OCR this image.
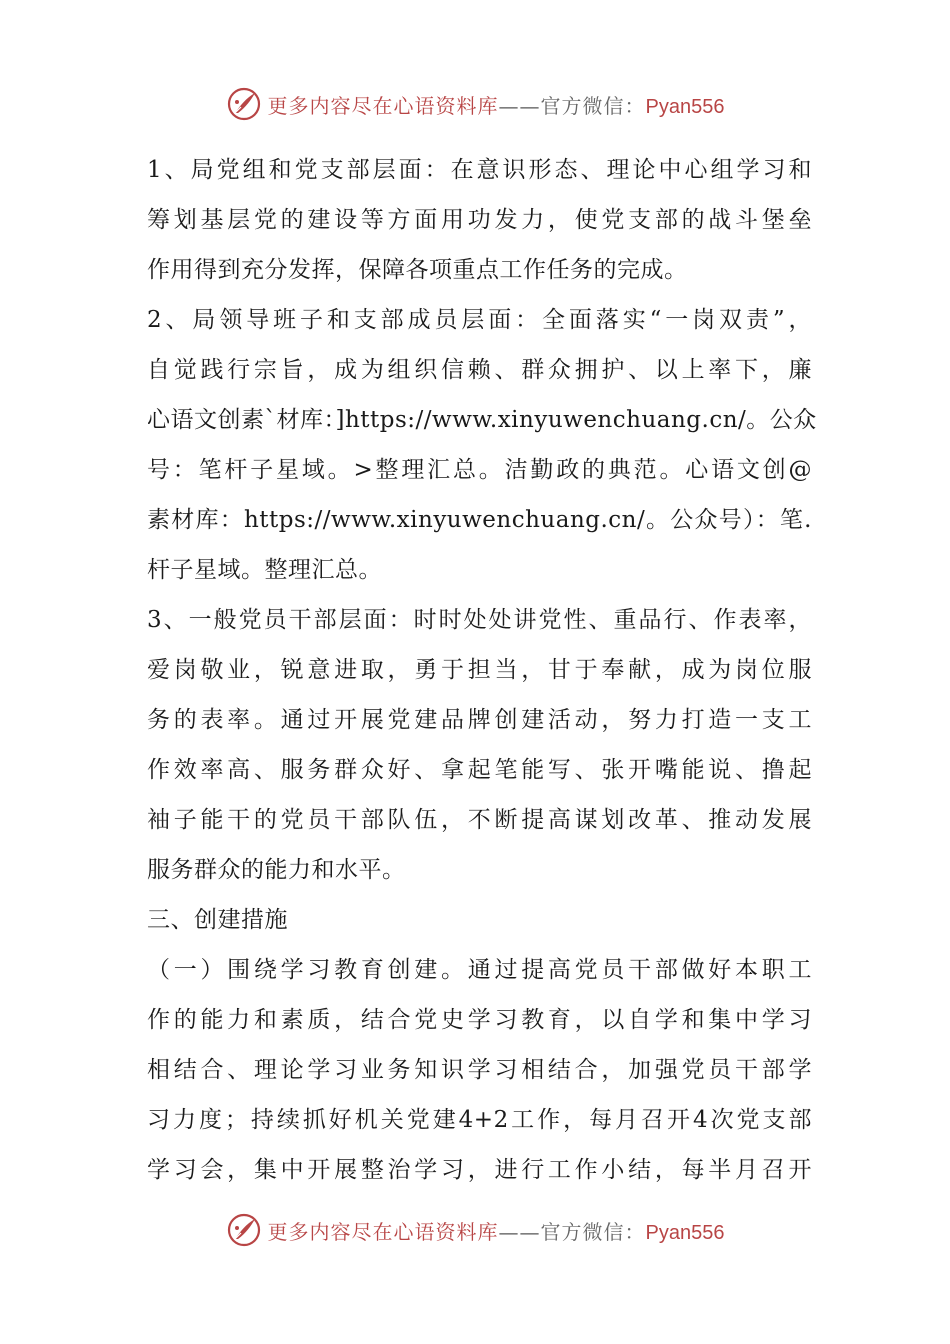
更多内容尽在心语资料库——官方微信：Pyan556
1、局党组和党支部层面：在意识形态、理论中心组学习和
筹划基层党的建设等方面用功发力，使党支部的战斗堡垒
作用得到充分发挥，保障各项重点工作任务的完成。
2、局领导班子和支部成员层面：全面落实“一岗双责”，
自觉践行宗旨，成为组织信赖、群众拥护、以上率下，廉
心语文创素`材库：]https://www.xinyuwenchuang.cn/。公众
号：笔杆子星域。>整理汇总。洁勤政的典范。心语文创@
素材库：https://www.xinyuwenchuang.cn/。公众号）：笔.
杆子星域。整理汇总。
3、一般党员干部层面：时时处处讲党性、重品行、作表率，
爱岗敬业，锐意进取，勇于担当，甘于奉献，成为岗位服
务的表率。通过开展党建品牌创建活动，努力打造一支工
作效率高、服务群众好、拿起笔能写、张开嘴能说、撸起
袖子能干的党员干部队伍，不断提高谋划改革、推动发展
服务群众的能力和水平。
三、创建措施
（一）围绕学习教育创建。通过提高党员干部做好本职工
作的能力和素质，结合党史学习教育，以自学和集中学习
相结合、理论学习业务知识学习相结合，加强党员干部学
习力度；持续抓好机关党建4+2工作，每月召开4次党支部
学习会，集中开展整治学习，进行工作小结，每半月召开
更多内容尽在心语资料库——官方微信：Pyan556
